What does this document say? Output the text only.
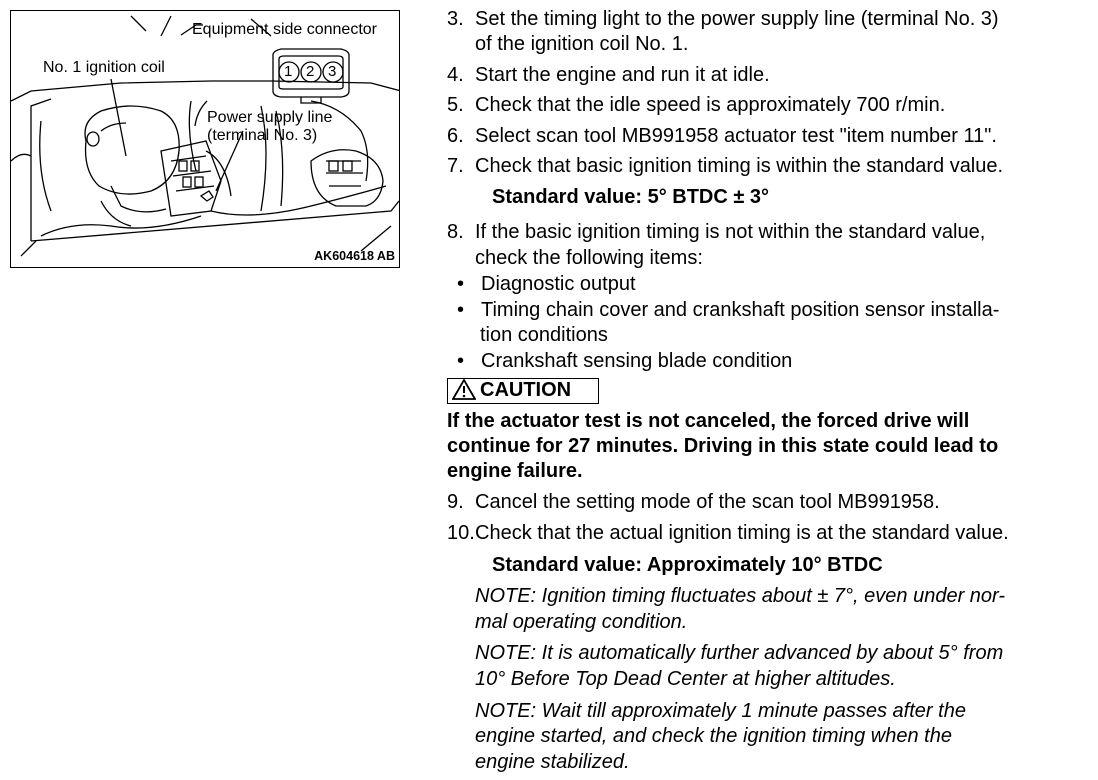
Equipment side connector
No. 1 ignition coil
Power supply line
(terminal No. 3)
1 2 3
AK604618 AB
3. Set the timing light to the power supply line (terminal No. 3)
of the ignition coil No. 1.
4. Start the engine and run it at idle.
5. Check that the idle speed is approximately 700 r/min.
6. Select scan tool MB991958 actuator test "item number 11".
7. Check that basic ignition timing is within the standard value.
Standard value: 5° BTDC ± 3°
8. If the basic ignition timing is not within the standard value,
check the following items:
• Diagnostic output
• Timing chain cover and crankshaft position sensor installa-
tion conditions
• Crankshaft sensing blade condition
CAUTION
If the actuator test is not canceled, the forced drive will
continue for 27 minutes. Driving in this state could lead to
engine failure.
9. Cancel the setting mode of the scan tool MB991958.
10.Check that the actual ignition timing is at the standard value.
Standard value: Approximately 10° BTDC
NOTE: Ignition timing fluctuates about ± 7°, even under nor-
mal operating condition.
NOTE: It is automatically further advanced by about 5° from
10° Before Top Dead Center at higher altitudes.
NOTE: Wait till approximately 1 minute passes after the
engine started, and check the ignition timing when the
engine stabilized.
